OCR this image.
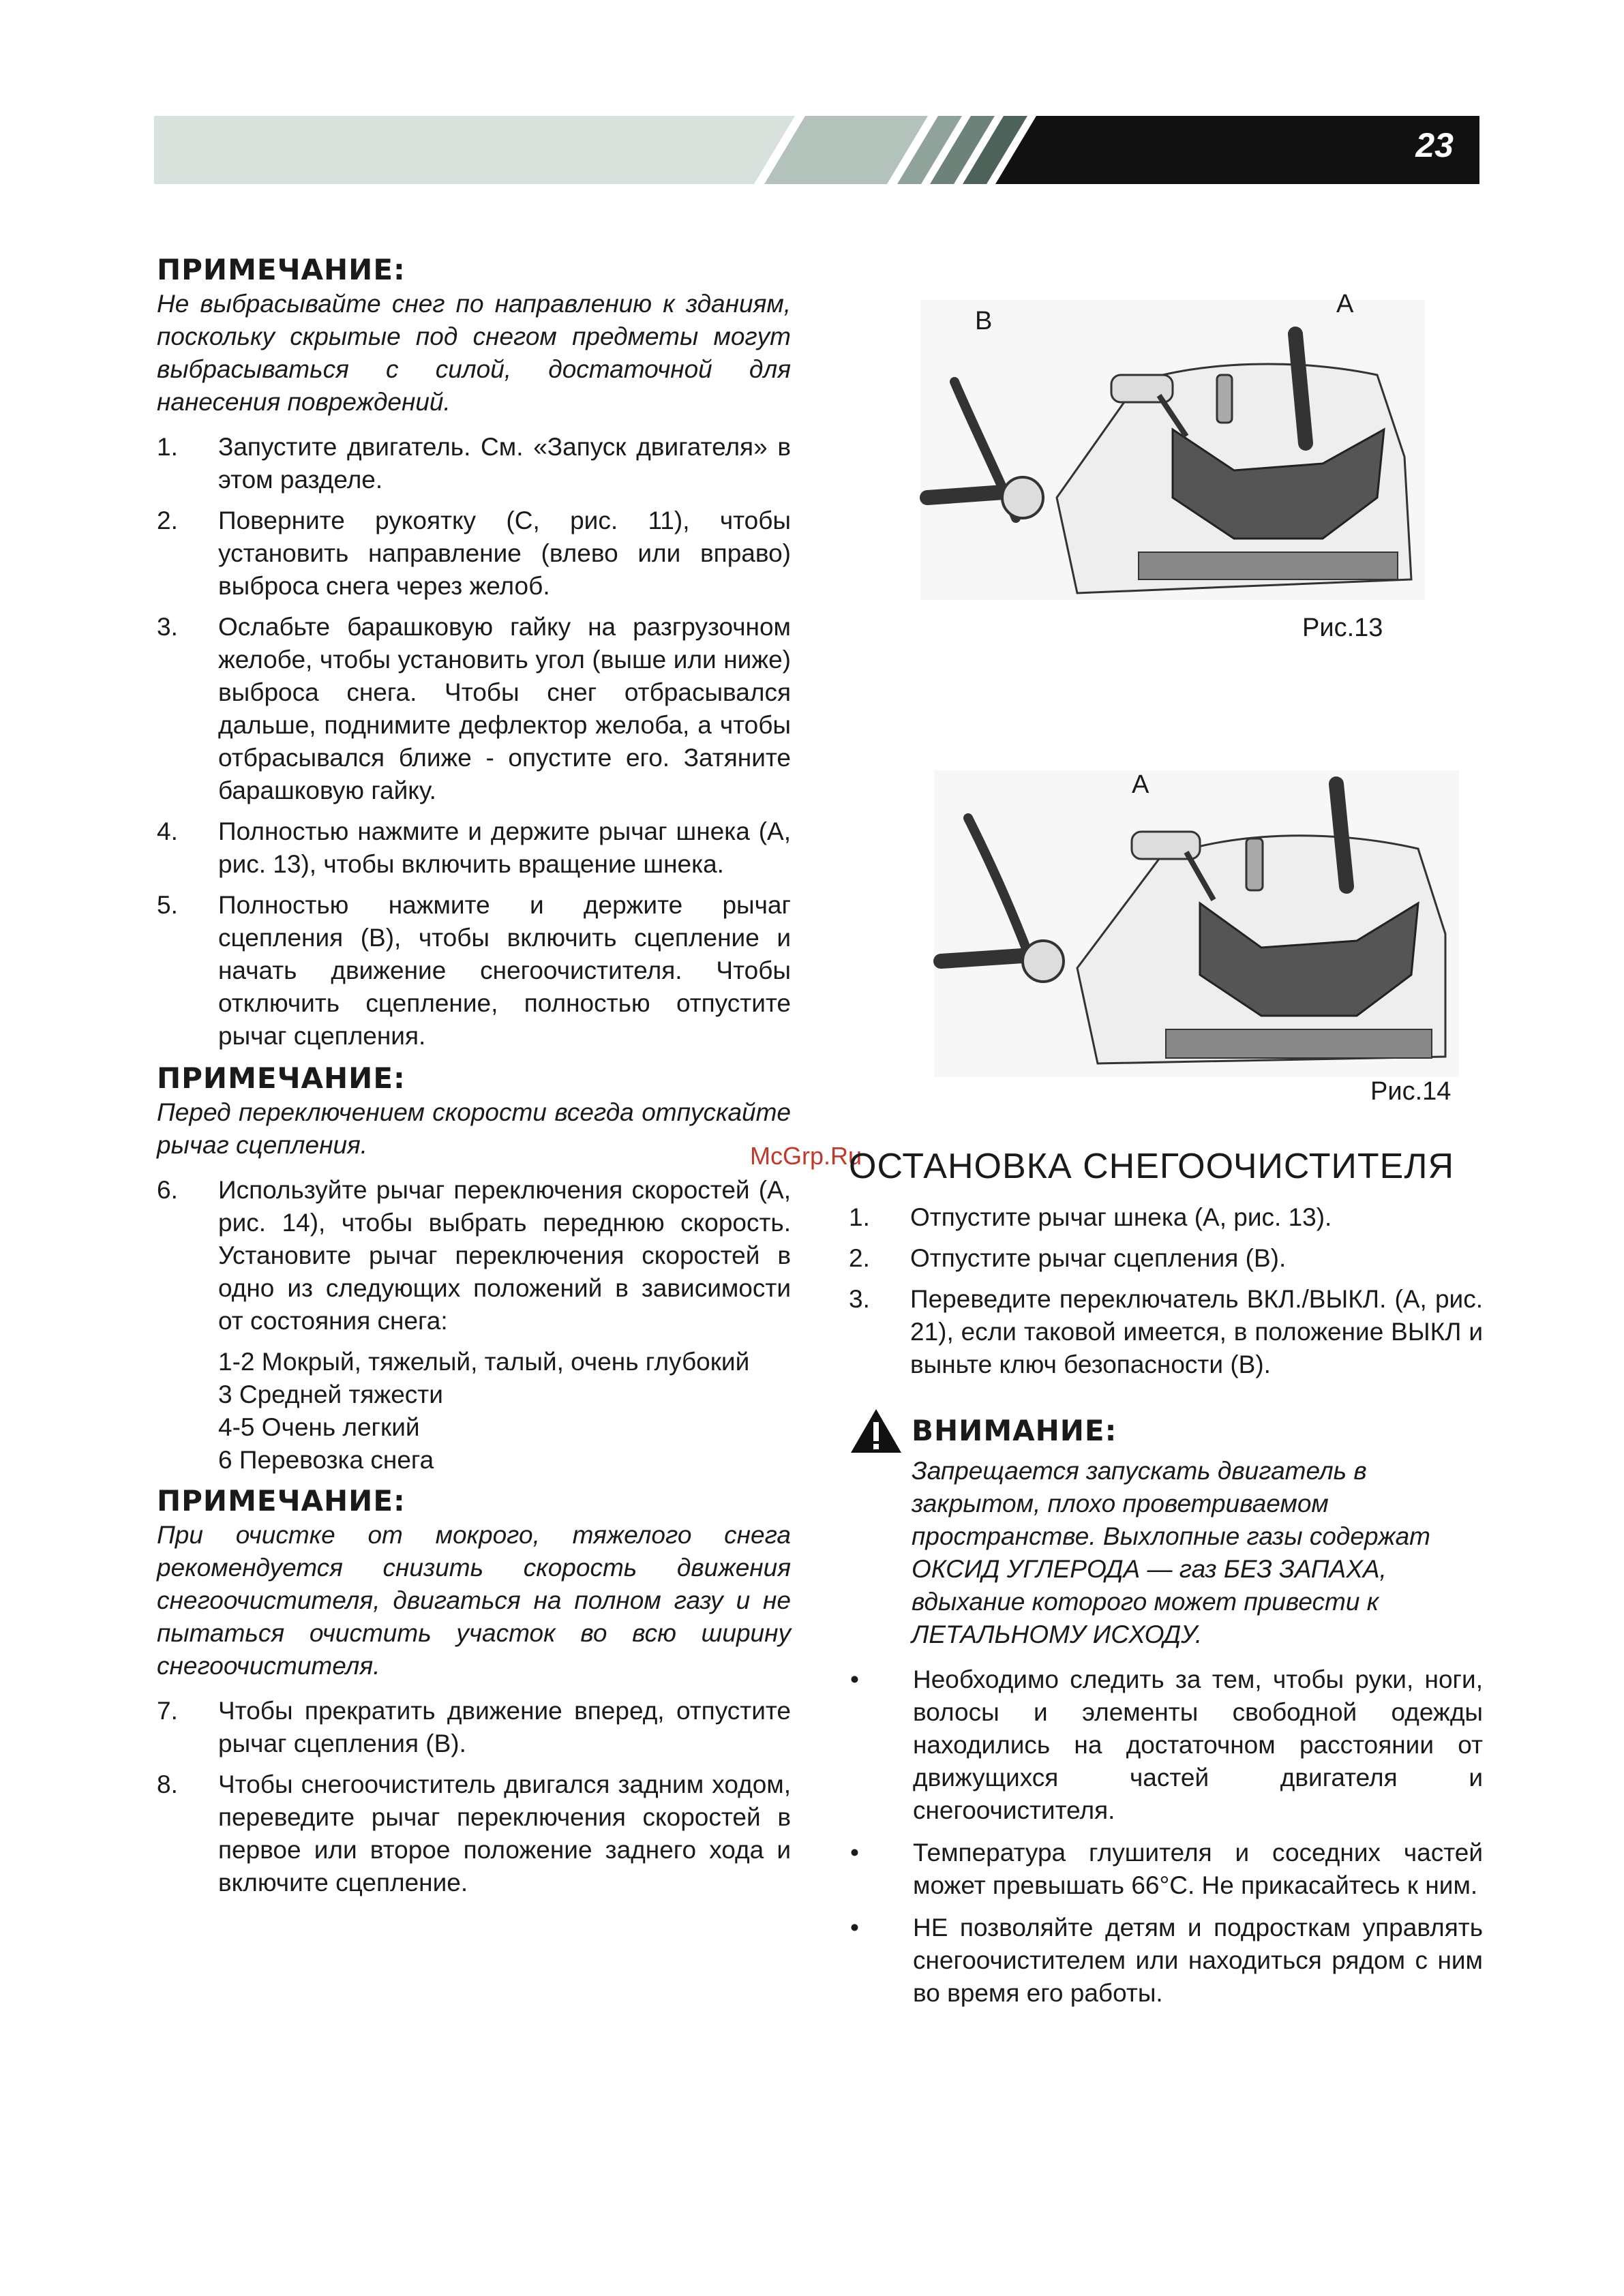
23
ПРИМЕЧАНИЕ:

Не выбрасывайте снег по направлению к зданиям, поскольку скрытые под снегом предметы могут выбрасываться с силой, достаточной для нанесения повреждений.

1.	Запустите двигатель. См. «Запуск двигателя» в этом разделе.
2.	Поверните рукоятку (С, рис. 11), чтобы установить направление (влево или вправо) выброса снега через желоб.
3.	Ослабьте барашковую гайку на разгрузочном желобе, чтобы установить угол (выше или ниже) выброса снега. Чтобы снег отбрасывался дальше, поднимите дефлектор желоба, а чтобы отбрасывался ближе - опустите его. Затяните барашковую гайку.
4.	Полностью нажмите и держите рычаг шнека (А, рис. 13), чтобы включить вращение шнека.
5.	Полностью нажмите и держите рычаг сцепления (В), чтобы включить сцепление и начать движение снегоочистителя. Чтобы отключить сцепление, полностью отпустите рычаг сцепления.
ПРИМЕЧАНИЕ:

Перед переключением скорости всегда отпускайте рычаг сцепления.

6.	Используйте рычаг переключения скоростей (А, рис. 14), чтобы выбрать переднюю скорость. Установите рычаг переключения скоростей в одно из следующих положений в зависимости от состояния снега:
1-2 Мокрый, тяжелый, талый, очень глубокий
3 Средней тяжести
4-5 Очень легкий
6 Перевозка снега
ПРИМЕЧАНИЕ:

При очистке от мокрого, тяжелого снега рекомендуется снизить скорость движения снегоочистителя, двигаться на полном газу и не пытаться очистить участок во всю ширину снегоочистителя.

7.	Чтобы прекратить движение вперед, отпустите рычаг сцепления (В).
8.	Чтобы снегоочиститель двигался задним ходом, переведите рычаг переключения скоростей в первое или второе положение заднего хода и включите сцепление.
B
A
Рис.13
A
Рис.14
McGrp.Ru
ОСТАНОВКА СНЕГООЧИСТИТЕЛЯ
1.	Отпустите рычаг шнека (А, рис. 13).
2.	Отпустите рычаг сцепления (В).
3.	Переведите переключатель ВКЛ./ВЫКЛ. (А, рис. 21), если таковой имеется, в положение ВЫКЛ и выньте ключ безопасности (В).
ВНИМАНИЕ:

Запрещается запускать двигатель в закрытом, плохо проветриваемом пространстве. Выхлопные газы содержат ОКСИД УГЛЕРОДА — газ БЕЗ ЗАПАХА, вдыхание которого может привести к ЛЕТАЛЬНОМУ ИСХОДУ.

•	Необходимо следить за тем, чтобы руки, ноги, волосы и элементы свободной одежды находились на достаточном расстоянии от движущихся частей двигателя и снегоочистителя.
•	Температура глушителя и соседних частей может превышать 66°С. Не прикасайтесь к ним.
•	НЕ позволяйте детям и подросткам управлять снегоочистителем или находиться рядом с ним во время его работы.
